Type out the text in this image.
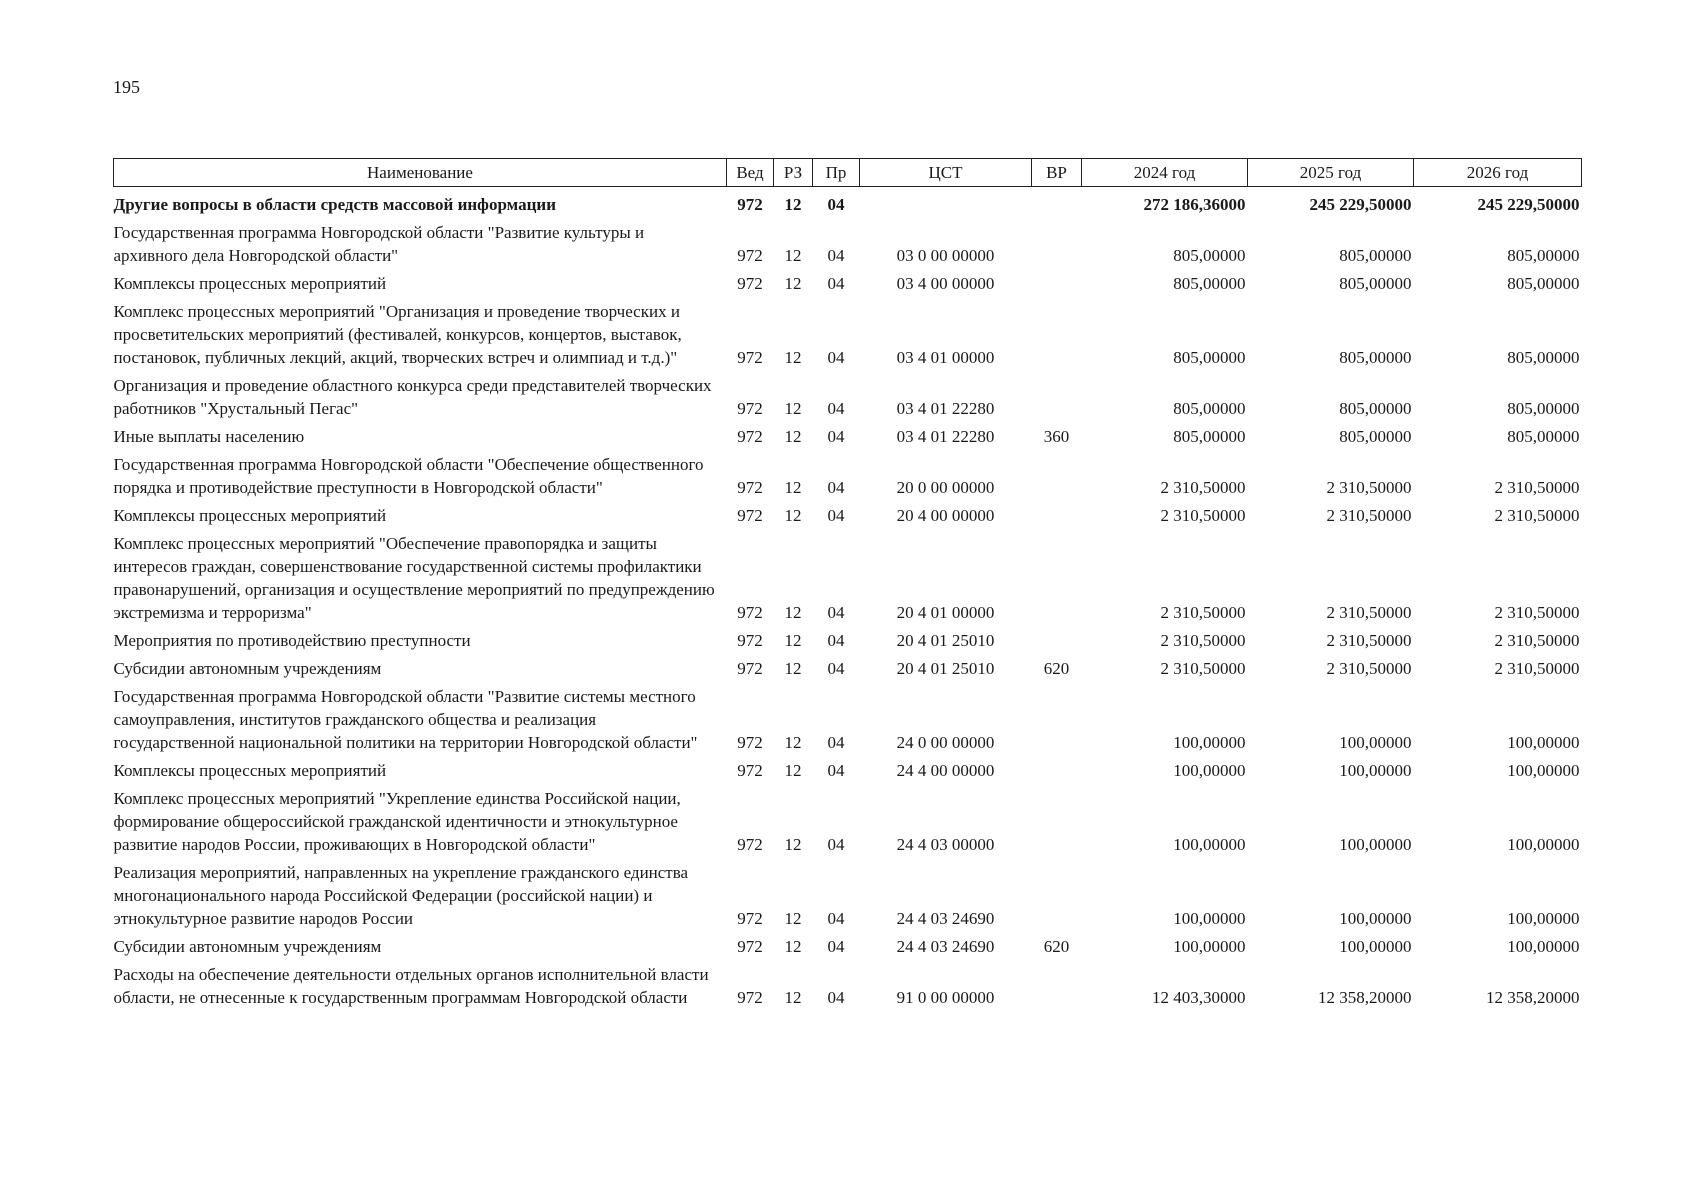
195
Наименование	Вед	РЗ	Пр	ЦСТ	ВР	2024 год	2025 год	2026 год
Другие вопросы в области средств массовой информации	972	12	04			272 186,36000	245 229,50000	245 229,50000
Государственная программа Новгородской области "Развитие культуры и архивного дела Новгородской области"	972	12	04	03 0 00 00000		805,00000	805,00000	805,00000
Комплексы процессных мероприятий	972	12	04	03 4 00 00000		805,00000	805,00000	805,00000
Комплекс процессных мероприятий "Организация и проведение творческих и просветительских мероприятий (фестивалей, конкурсов, концертов, выставок, постановок, публичных лекций, акций, творческих встреч и олимпиад и т.д.)"	972	12	04	03 4 01 00000		805,00000	805,00000	805,00000
Организация и проведение областного конкурса среди представителей творческих работников "Хрустальный Пегас"	972	12	04	03 4 01 22280		805,00000	805,00000	805,00000
Иные выплаты населению	972	12	04	03 4 01 22280	360	805,00000	805,00000	805,00000
Государственная программа Новгородской области "Обеспечение общественного порядка и противодействие преступности в Новгородской области"	972	12	04	20 0 00 00000		2 310,50000	2 310,50000	2 310,50000
Комплексы процессных мероприятий	972	12	04	20 4 00 00000		2 310,50000	2 310,50000	2 310,50000
Комплекс процессных мероприятий "Обеспечение правопорядка и защиты интересов граждан, совершенствование государственной системы профилактики правонарушений, организация и осуществление мероприятий по предупреждению экстремизма и терроризма"	972	12	04	20 4 01 00000		2 310,50000	2 310,50000	2 310,50000
Мероприятия по противодействию преступности	972	12	04	20 4 01 25010		2 310,50000	2 310,50000	2 310,50000
Субсидии автономным учреждениям	972	12	04	20 4 01 25010	620	2 310,50000	2 310,50000	2 310,50000
Государственная программа Новгородской области "Развитие системы местного самоуправления, институтов гражданского общества и реализация государственной национальной политики на территории Новгородской области"	972	12	04	24 0 00 00000		100,00000	100,00000	100,00000
Комплексы процессных мероприятий	972	12	04	24 4 00 00000		100,00000	100,00000	100,00000
Комплекс процессных мероприятий "Укрепление единства Российской нации, формирование общероссийской гражданской идентичности и этнокультурное развитие народов России, проживающих в Новгородской области"	972	12	04	24 4 03 00000		100,00000	100,00000	100,00000
Реализация мероприятий, направленных на укрепление гражданского единства многонационального народа Российской Федерации (российской нации) и этнокультурное развитие народов России	972	12	04	24 4 03 24690		100,00000	100,00000	100,00000
Субсидии автономным учреждениям	972	12	04	24 4 03 24690	620	100,00000	100,00000	100,00000
Расходы на обеспечение деятельности отдельных органов исполнительной власти области, не отнесенные к государственным программам Новгородской области	972	12	04	91 0 00 00000		12 403,30000	12 358,20000	12 358,20000
